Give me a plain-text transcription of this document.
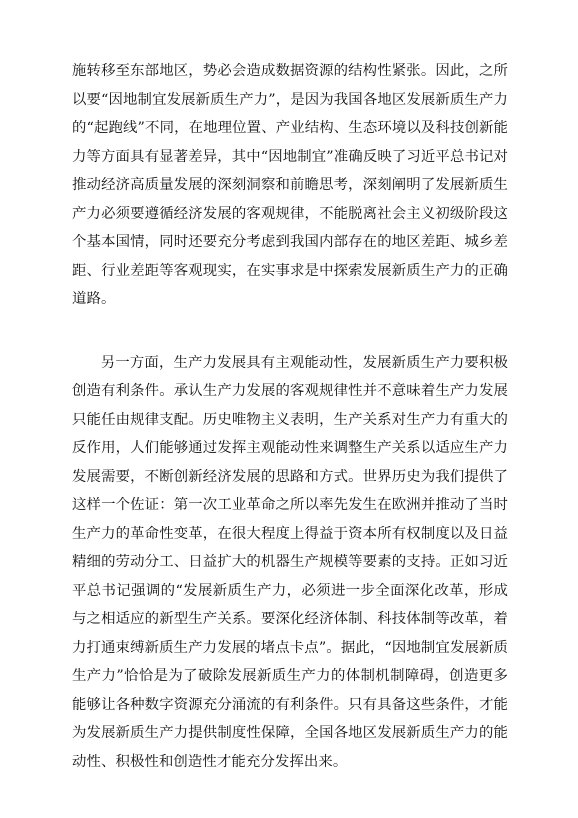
施转移至东部地区，势必会造成数据资源的结构性紧张。因此，之所以要“因地制宜发展新质生产力”，是因为我国各地区发展新质生产力的“起跑线”不同，在地理位置、产业结构、生态环境以及科技创新能力等方面具有显著差异，其中“因地制宜”准确反映了习近平总书记对推动经济高质量发展的深刻洞察和前瞻思考，深刻阐明了发展新质生产力必须要遵循经济发展的客观规律，不能脱离社会主义初级阶段这个基本国情，同时还要充分考虑到我国内部存在的地区差距、城乡差距、行业差距等客观现实，在实事求是中探索发展新质生产力的正确道路。

另一方面，生产力发展具有主观能动性，发展新质生产力要积极创造有利条件。承认生产力发展的客观规律性并不意味着生产力发展只能任由规律支配。历史唯物主义表明，生产关系对生产力有重大的反作用，人们能够通过发挥主观能动性来调整生产关系以适应生产力发展需要，不断创新经济发展的思路和方式。世界历史为我们提供了这样一个佐证：第一次工业革命之所以率先发生在欧洲并推动了当时生产力的革命性变革，在很大程度上得益于资本所有权制度以及日益精细的劳动分工、日益扩大的机器生产规模等要素的支持。正如习近平总书记强调的“发展新质生产力，必须进一步全面深化改革，形成与之相适应的新型生产关系。要深化经济体制、科技体制等改革，着力打通束缚新质生产力发展的堵点卡点”。据此，“因地制宜发展新质生产力”恰恰是为了破除发展新质生产力的体制机制障碍，创造更多能够让各种数字资源充分涌流的有利条件。只有具备这些条件，才能为发展新质生产力提供制度性保障，全国各地区发展新质生产力的能动性、积极性和创造性才能充分发挥出来。
